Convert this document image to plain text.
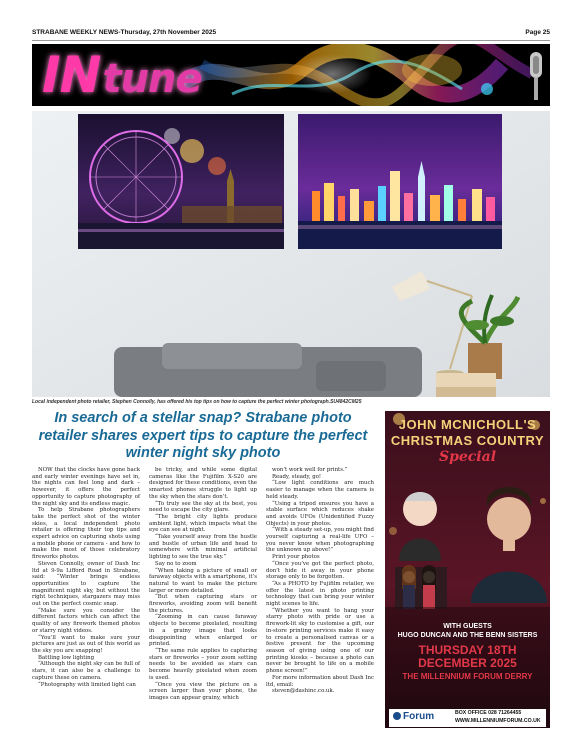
STRABANE WEEKLY NEWS-Thursday, 27th November 2025	Page 25
IN tune
Local independent photo retailer, Stephen Connolly, has offered his top tips on how to capture the perfect winter photograph.SU4842CM25
In search of a stellar snap? Strabane photo retailer shares expert tips to capture the perfect winter night sky photo

NOW that the clocks have gone back and early winter evenings have set in, the nights can feel long and dark – however, it offers the perfect opportunity to capture photography of the night sky and its endless magic.

To help Strabane photographers take the perfect shot of the winter skies, a local independent photo retailer is offering their top tips and expert advice on capturing shots using a mobile phone or camera - and how to make the most of those celebratory fireworks photos.

Steven Connolly, owner of Dash Inc ltd at 9-9a Lifford Road in Strabane, said: “Winter brings endless opportunities to capture the magnificent night sky, but without the right techniques, stargazers may miss out on the perfect cosmic snap.

“Make sure you consider the different factors which can affect the quality of any firework themed photos or starry night videos.

“You’ll want to make sure your pictures are just as out of this world as the sky you are snapping!

Battling low lighting

“Although the night sky can be full of stars, it can also be a challenge to capture these on camera.

“Photography with limited light can

be tricky, and while some digital cameras like the Fujifilm X-S20 are designed for these conditions, even the smartest phones struggle to light up the sky when the stars don’t.

“To truly see the sky at its best, you need to escape the city glare.

“The bright city lights produce ambient light, which impacts what the eye can see at night.

“Take yourself away from the hustle and bustle of urban life and head to somewhere with minimal artificial lighting to see the true sky.”

Say no to zoom

“When taking a picture of small or faraway objects with a smartphone, it’s natural to want to make the picture larger or more detailed.

“But when capturing stars or fireworks, avoiding zoom will benefit the pictures.

“Zooming in can cause faraway objects to become pixelated, resulting in a grainy image that looks disappointing when enlarged or printed.

“The same rule applies to capturing stars or fireworks – your zoom setting needs to be avoided as stars can become heavily pixelated when zoom is used.

“Once you view the picture on a screen larger than your phone, the images can appear grainy, which

won’t work well for prints.”

Ready, steady, go!

“Low light conditions are much easier to manage when the camera is held steady.

“Using a tripod ensures you have a stable surface which reduces shake and avoids UFOs (Unidentified Fuzzy Objects) in your photos.

“With a steady set-up, you might find yourself capturing a real-life UFO – you never know when photographing the unknown up above!”

Print your photos

“Once you’ve got the perfect photo, don’t hide it away in your phone storage only to be forgotten.

“As a PHOTO by Fujifilm retailer, we offer the latest in photo printing technology that can bring your winter night scenes to life.

“Whether you want to hang your starry photo with pride or use a firework-lit sky to customise a gift, our in-store printing services make it easy to create a personalised canvas or a festive present for the upcoming season of giving using one of our printing kiosks – because a photo can never be brought to life on a mobile phone screen!”

For more information about Dash Inc ltd, email:

steven@dashinc.co.uk.

JOHN MCNICHOLL'S
CHRISTMAS COUNTRY
Special
WITH GUESTS
HUGO DUNCAN AND THE BENN SISTERS
THURSDAY 18TH DECEMBER 2025
THE MILLENNIUM FORUM DERRY
Forum	BOX OFFICE 028 71264455
WWW.MILLENNIUMFORUM.CO.UK
